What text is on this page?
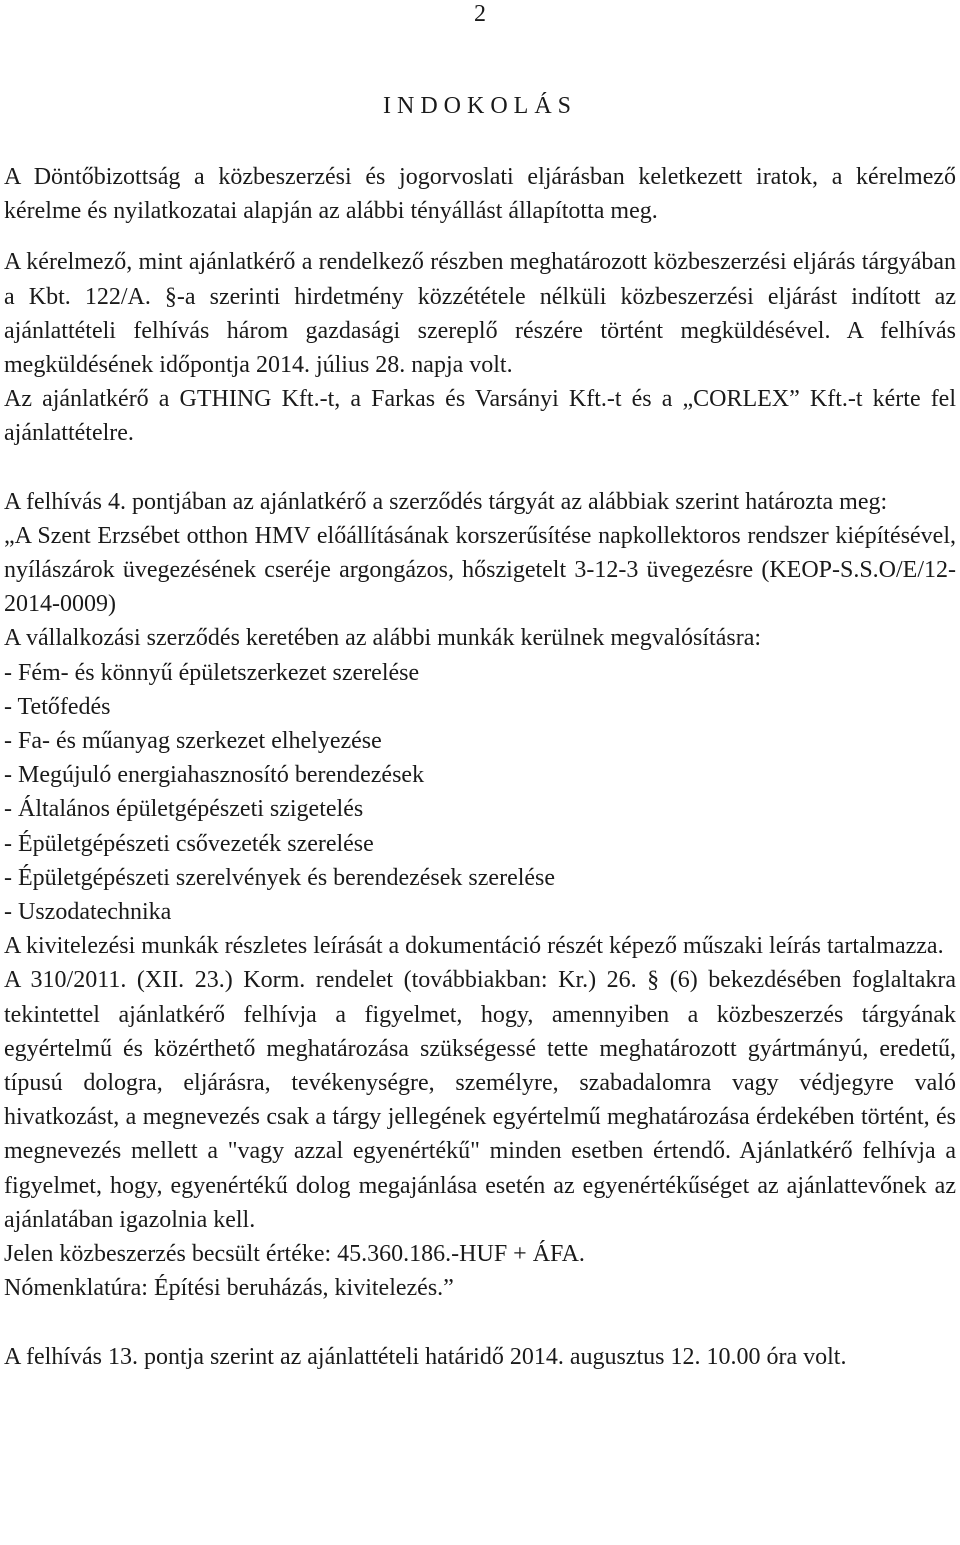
2
INDOKOLÁS

A Döntőbizottság a közbeszerzési és jogorvoslati eljárásban keletkezett iratok, a kérelmező kérelme és nyilatkozatai alapján az alábbi tényállást állapította meg.

A kérelmező, mint ajánlatkérő a rendelkező részben meghatározott közbeszerzési eljárás tárgyában a Kbt. 122/A. §-a szerinti hirdetmény közzététele nélküli közbeszerzési eljárást indított az ajánlattételi felhívás három gazdasági szereplő részére történt megküldésével. A felhívás megküldésének időpontja 2014. július 28. napja volt.

Az ajánlatkérő a GTHING Kft.-t, a Farkas és Varsányi Kft.-t és a „CORLEX” Kft.-t kérte fel ajánlattételre.

A felhívás 4. pontjában az ajánlatkérő a szerződés tárgyát az alábbiak szerint határozta meg:

„A Szent Erzsébet otthon HMV előállításának korszerűsítése napkollektoros rendszer kiépítésével, nyílászárok üvegezésének cseréje argongázos, hőszigetelt 3-12-3 üvegezésre (KEOP-S.S.O/E/12-2014-0009)

A vállalkozási szerződés keretében az alábbi munkák kerülnek megvalósításra:

- Fém- és könnyű épületszerkezet szerelése
- Tetőfedés
- Fa- és műanyag szerkezet elhelyezése
- Megújuló energiahasznosító berendezések
- Általános épületgépészeti szigetelés
- Épületgépészeti csővezeték szerelése
- Épületgépészeti szerelvények és berendezések szerelése
- Uszodatechnika

A kivitelezési munkák részletes leírását a dokumentáció részét képező műszaki leírás tartalmazza.

A 310/2011. (XII. 23.) Korm. rendelet (továbbiakban: Kr.) 26. § (6) bekezdésében foglaltakra tekintettel ajánlatkérő felhívja a figyelmet, hogy, amennyiben a közbeszerzés tárgyának egyértelmű és közérthető meghatározása szükségessé tette meghatározott gyártmányú, eredetű, típusú dologra, eljárásra, tevékenységre, személyre, szabadalomra vagy védjegyre való hivatkozást, a megnevezés csak a tárgy jellegének egyértelmű meghatározása érdekében történt, és megnevezés mellett a "vagy azzal egyenértékű" minden esetben értendő. Ajánlatkérő felhívja a figyelmet, hogy, egyenértékű dolog megajánlása esetén az egyenértékűséget az ajánlattevőnek az ajánlatában igazolnia kell.

Jelen közbeszerzés becsült értéke: 45.360.186.-HUF + ÁFA.

Nómenklatúra: Építési beruházás, kivitelezés.”

A felhívás 13. pontja szerint az ajánlattételi határidő 2014. augusztus 12. 10.00 óra volt.
